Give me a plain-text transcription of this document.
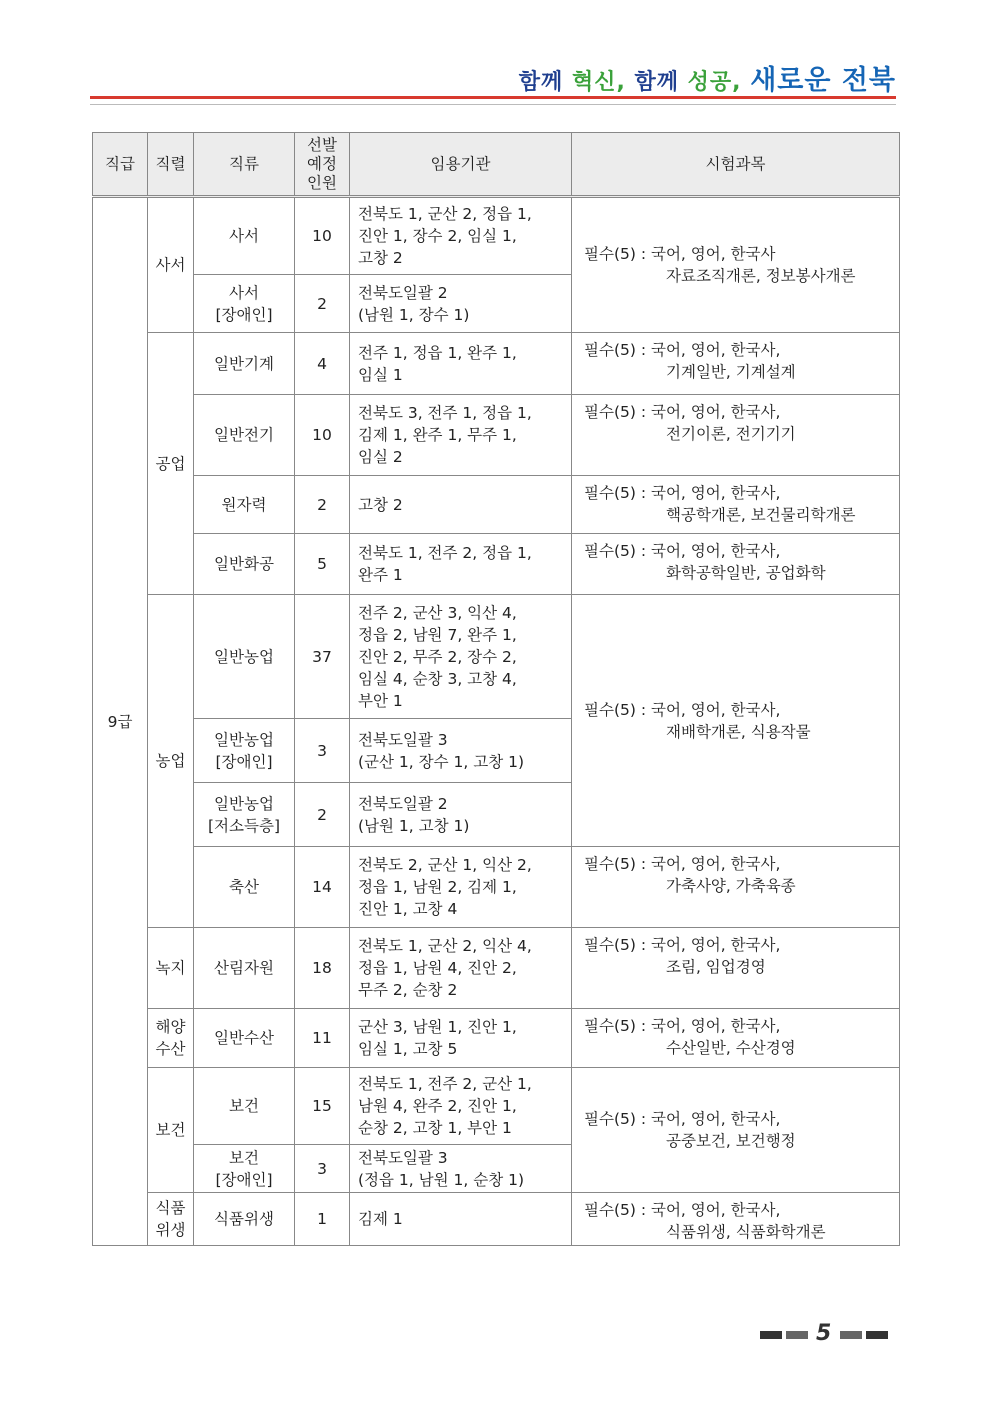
함께 혁신, 함께 성공, 새로운 전북
직급	직렬	직류	선발
예정
인원	임용기관	시험과목
9급	사서	사서	10	전북도 1, 군산 2, 정읍 1,
진안 1, 장수 2, 임실 1,
고창 2	필수(5) : 국어, 영어, 한국사
자료조직개론, 정보봉사개론
		사서
[장애인]	2	전북도일괄 2
(남원 1, 장수 1)	
	공업	일반기계	4	전주 1, 정읍 1, 완주 1,
임실 1	필수(5) : 국어, 영어, 한국사,
기계일반, 기계설계

		일반전기	10	전북도 3, 전주 1, 정읍 1,
김제 1, 완주 1, 무주 1,
임실 2	필수(5) : 국어, 영어, 한국사,
전기이론, 전기기기

		원자력	2	고창 2	필수(5) : 국어, 영어, 한국사,
핵공학개론, 보건물리학개론

		일반화공	5	전북도 1, 전주 2, 정읍 1,
완주 1	필수(5) : 국어, 영어, 한국사,
화학공학일반, 공업화학

	농업	일반농업	37	전주 2, 군산 3, 익산 4,
정읍 2, 남원 7, 완주 1,
진안 2, 무주 2, 장수 2,
임실 4, 순창 3, 고창 4,
부안 1	필수(5) : 국어, 영어, 한국사,
재배학개론, 식용작물
		일반농업
[장애인]	3	전북도일괄 3
(군산 1, 장수 1, 고창 1)	
		일반농업
[저소득층]	2	전북도일괄 2
(남원 1, 고창 1)	
		축산	14	전북도 2, 군산 1, 익산 2,
정읍 1, 남원 2, 김제 1,
진안 1, 고창 4	필수(5) : 국어, 영어, 한국사,
가축사양, 가축육종

	녹지	산림자원	18	전북도 1, 군산 2, 익산 4,
정읍 1, 남원 4, 진안 2,
무주 2, 순창 2	필수(5) : 국어, 영어, 한국사,
조림, 임업경영

	해양
수산	일반수산	11	군산 3, 남원 1, 진안 1,
임실 1, 고창 5	필수(5) : 국어, 영어, 한국사,
수산일반, 수산경영

	보건	보건	15	전북도 1, 전주 2, 군산 1,
남원 4, 완주 2, 진안 1,
순창 2, 고창 1, 부안 1	필수(5) : 국어, 영어, 한국사,
공중보건, 보건행정
		보건
[장애인]	3	전북도일괄 3
(정읍 1, 남원 1, 순창 1)	
	식품
위생	식품위생	1	김제 1	필수(5) : 국어, 영어, 한국사,
식품위생, 식품화학개론
5
